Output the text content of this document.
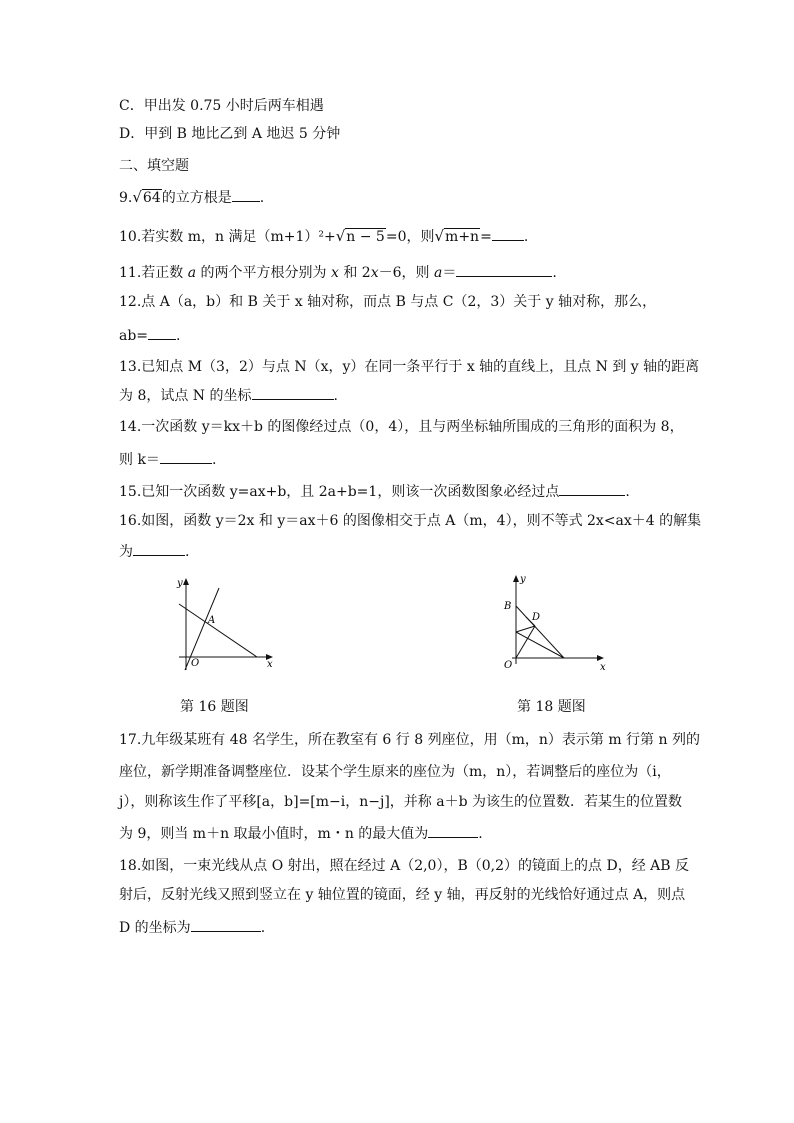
C．甲出发 0.75 小时后两车相遇
D．甲到 B 地比乙到 A 地迟 5 分钟
二、填空题
9.√64的立方根是 .
10.若实数 m，n 满足（m+1）²+√n − 5=0，则√m+n= .
11.若正数 a 的两个平方根分别为 x 和 2x－6，则 a＝	.
12.点 A（a，b）和 B 关于 x 轴对称，而点 B 与点 C（2，3）关于 y 轴对称，那么，
ab= .
13.已知点 M（3，2）与点 N（x，y）在同一条平行于 x 轴的直线上，且点 N 到 y 轴的距离
为 8，试点 N 的坐标	.
14.一次函数 y＝kx＋b 的图像经过点（0，4），且与两坐标轴所围成的三角形的面积为 8，
则 k＝	.
15.已知一次函数 y=ax+b，且 2a+b=1，则该一次函数图象必经过点	.
16.如图，函数 y＝2x 和 y＝ax＋6 的图像相交于点 A（m，4），则不等式 2x<ax＋4 的解集
为	.
y
x
O
A
第 16 题图
B
D
O
y
x
第 18 题图
17.九年级某班有 48 名学生，所在教室有 6 行 8 列座位，用（m，n）表示第 m 行第 n 列的
座位，新学期准备调整座位．设某个学生原来的座位为（m，n），若调整后的座位为（i，
j），则称该生作了平移[a，b]=[m−i，n−j]，并称 a＋b 为该生的位置数．若某生的位置数
为 9，则当 m＋n 取最小值时，m・n 的最大值为	.
18.如图，一束光线从点 O 射出，照在经过 A（2,0），B（0,2）的镜面上的点 D，经 AB 反
射后，反射光线又照到竖立在 y 轴位置的镜面，经 y 轴，再反射的光线恰好通过点 A，则点
D 的坐标为	.
